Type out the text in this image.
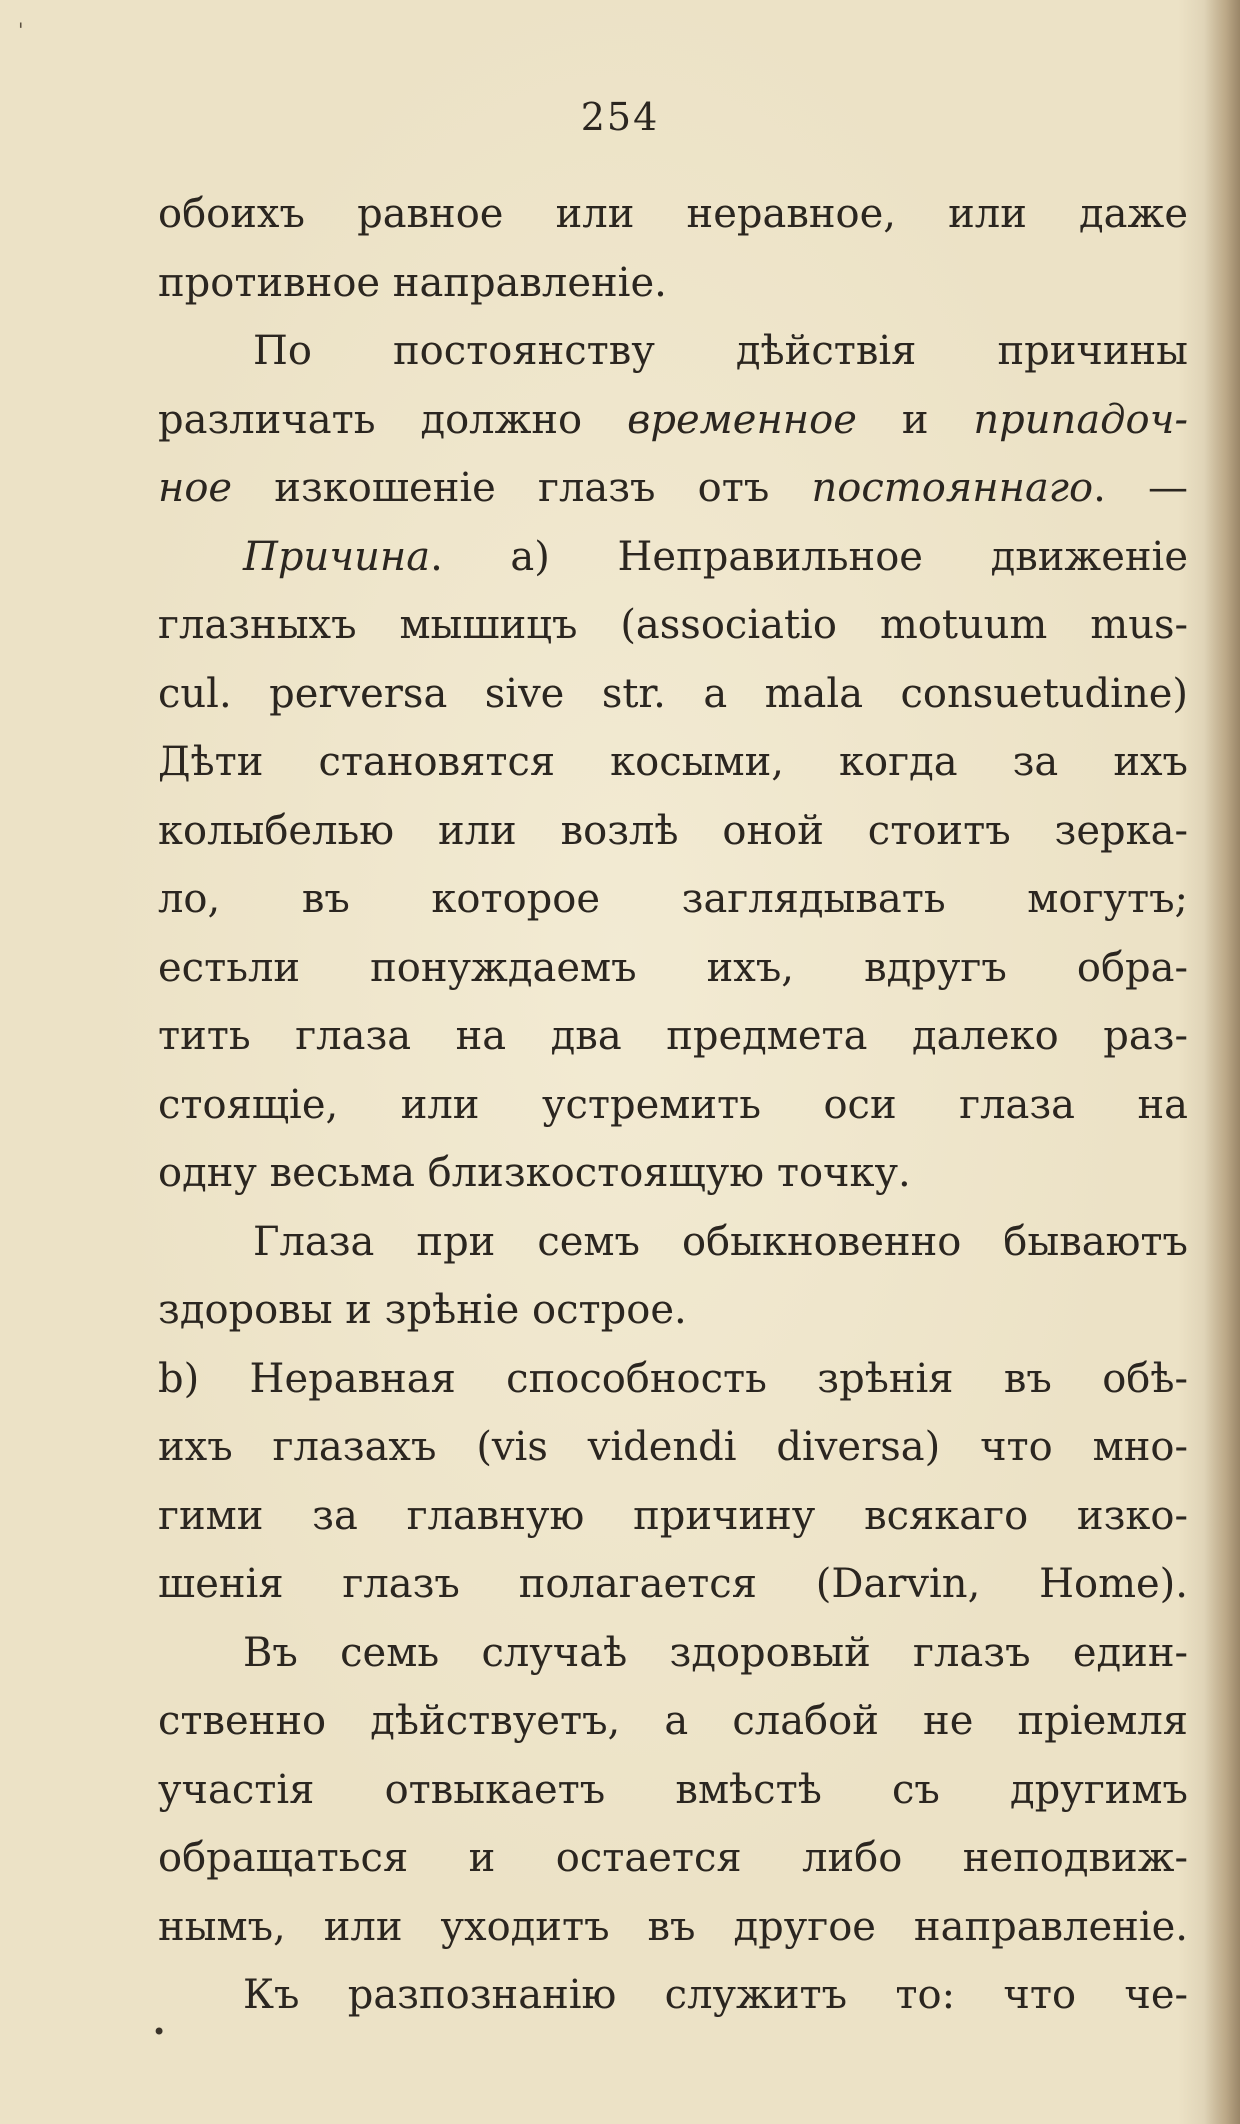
'
254
обоихъ равное или неравное, или даже
противное направленіе.
По постоянству дѣйствія причины
различать должно временное и припадоч-
ное изкошеніе глазъ отъ постояннаго. —
Причина. a) Неправильное движеніе
глазныхъ мышицъ (associatio motuum mus-
cul. perversa sive str. a mala consuetudine)
Дѣти становятся косыми, когда за ихъ
колыбелью или возлѣ оной стоитъ зерка-
ло, въ которое заглядывать могутъ;
естьли понуждаемъ ихъ, вдругъ обра-
тить глаза на два предмета далеко раз-
стоящіе, или устремить оси глаза на
одну весьма близкостоящую точку.
Глаза при семъ обыкновенно бываютъ
здоровы и зрѣніе острое.
b) Неравная способность зрѣнія въ обѣ-
ихъ глазахъ (vis videndi diversa) что мно-
гими за главную причину всякаго изко-
шенія глазъ полагается (Darvin, Home).
Въ семь случаѣ здоровый глазъ един-
ственно дѣйствуетъ, а слабой не пріемля
участія отвыкаетъ вмѣстѣ съ другимъ
обращаться и остается либо неподвиж-
нымъ, или уходитъ въ другое направленіе.
Къ разпознанію служитъ то: что че-
•
